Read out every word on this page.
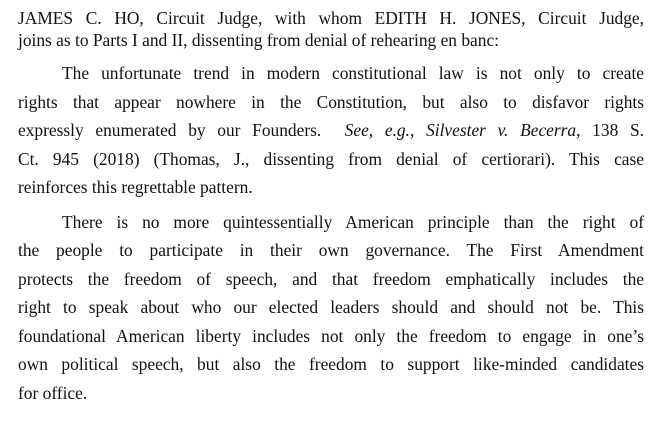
JAMES C. HO, Circuit Judge, with whom EDITH H. JONES, Circuit Judge,
joins as to Parts I and II, dissenting from denial of rehearing en banc:
The unfortunate trend in modern constitutional law is not only to create
rights that appear nowhere in the Constitution, but also to disfavor rights
expressly enumerated by our Founders. See, e.g., Silvester v. Becerra, 138 S.
Ct. 945 (2018) (Thomas, J., dissenting from denial of certiorari). This case
reinforces this regrettable pattern.
There is no more quintessentially American principle than the right of
the people to participate in their own governance. The First Amendment
protects the freedom of speech, and that freedom emphatically includes the
right to speak about who our elected leaders should and should not be. This
foundational American liberty includes not only the freedom to engage in one’s
own political speech, but also the freedom to support like-minded candidates
for office.
